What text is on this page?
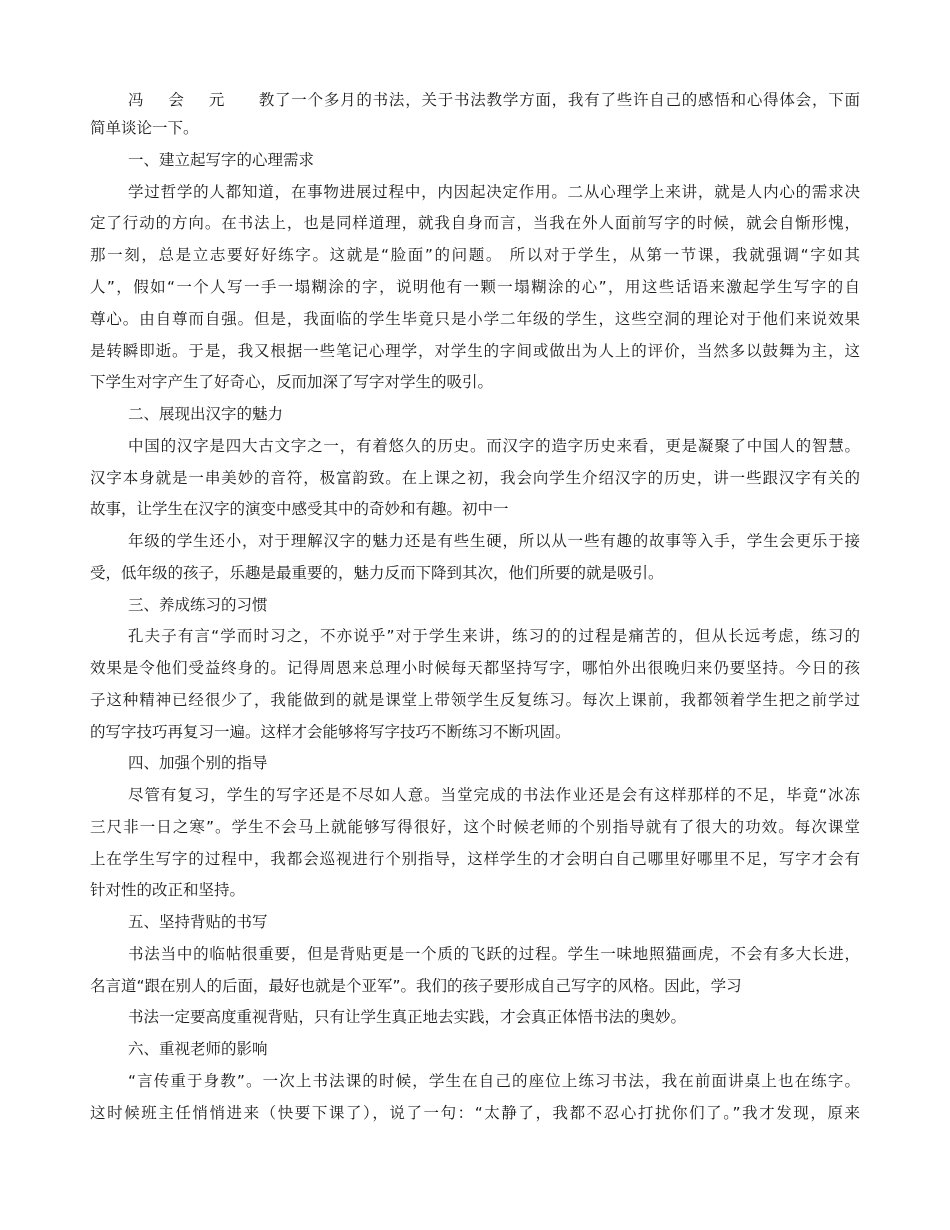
冯 会 元 教了一个多月的书法，关于书法教学方面，我有了些许自己的感悟和心得体会，下面
简单谈论一下。
一、建立起写字的心理需求
学过哲学的人都知道，在事物进展过程中，内因起决定作用。二从心理学上来讲，就是人内心的需求决
定了行动的方向。在书法上，也是同样道理，就我自身而言，当我在外人面前写字的时候，就会自惭形愧，
那一刻，总是立志要好好练字。这就是“脸面”的问题。 所以对于学生，从第一节课，我就强调“字如其
人”，假如“一个人写一手一塌糊涂的字，说明他有一颗一塌糊涂的心”，用这些话语来激起学生写字的自
尊心。由自尊而自强。但是，我面临的学生毕竟只是小学二年级的学生，这些空洞的理论对于他们来说效果
是转瞬即逝。于是，我又根据一些笔记心理学，对学生的字间或做出为人上的评价，当然多以鼓舞为主，这
下学生对字产生了好奇心，反而加深了写字对学生的吸引。
二、展现出汉字的魅力
中国的汉字是四大古文字之一，有着悠久的历史。而汉字的造字历史来看，更是凝聚了中国人的智慧。
汉字本身就是一串美妙的音符，极富韵致。在上课之初，我会向学生介绍汉字的历史，讲一些跟汉字有关的
故事，让学生在汉字的演变中感受其中的奇妙和有趣。初中一
年级的学生还小，对于理解汉字的魅力还是有些生硬，所以从一些有趣的故事等入手，学生会更乐于接
受，低年级的孩子，乐趣是最重要的，魅力反而下降到其次，他们所要的就是吸引。
三、养成练习的习惯
孔夫子有言“学而时习之，不亦说乎”对于学生来讲，练习的的过程是痛苦的，但从长远考虑，练习的
效果是令他们受益终身的。记得周恩来总理小时候每天都坚持写字，哪怕外出很晚归来仍要坚持。今日的孩
子这种精神已经很少了，我能做到的就是课堂上带领学生反复练习。每次上课前，我都领着学生把之前学过
的写字技巧再复习一遍。这样才会能够将写字技巧不断练习不断巩固。
四、加强个别的指导
尽管有复习，学生的写字还是不尽如人意。当堂完成的书法作业还是会有这样那样的不足，毕竟“冰冻
三尺非一日之寒”。学生不会马上就能够写得很好，这个时候老师的个别指导就有了很大的功效。每次课堂
上在学生写字的过程中，我都会巡视进行个别指导，这样学生的才会明白自己哪里好哪里不足，写字才会有
针对性的改正和坚持。
五、坚持背贴的书写
书法当中的临帖很重要，但是背贴更是一个质的飞跃的过程。学生一味地照猫画虎，不会有多大长进，
名言道“跟在别人的后面，最好也就是个亚军”。我们的孩子要形成自己写字的风格。因此，学习
书法一定要高度重视背贴，只有让学生真正地去实践，才会真正体悟书法的奥妙。
六、重视老师的影响
“言传重于身教”。一次上书法课的时候，学生在自己的座位上练习书法，我在前面讲桌上也在练字。
这时候班主任悄悄进来（快要下课了），说了一句：“太静了，我都不忍心打扰你们了。”我才发现，原来
